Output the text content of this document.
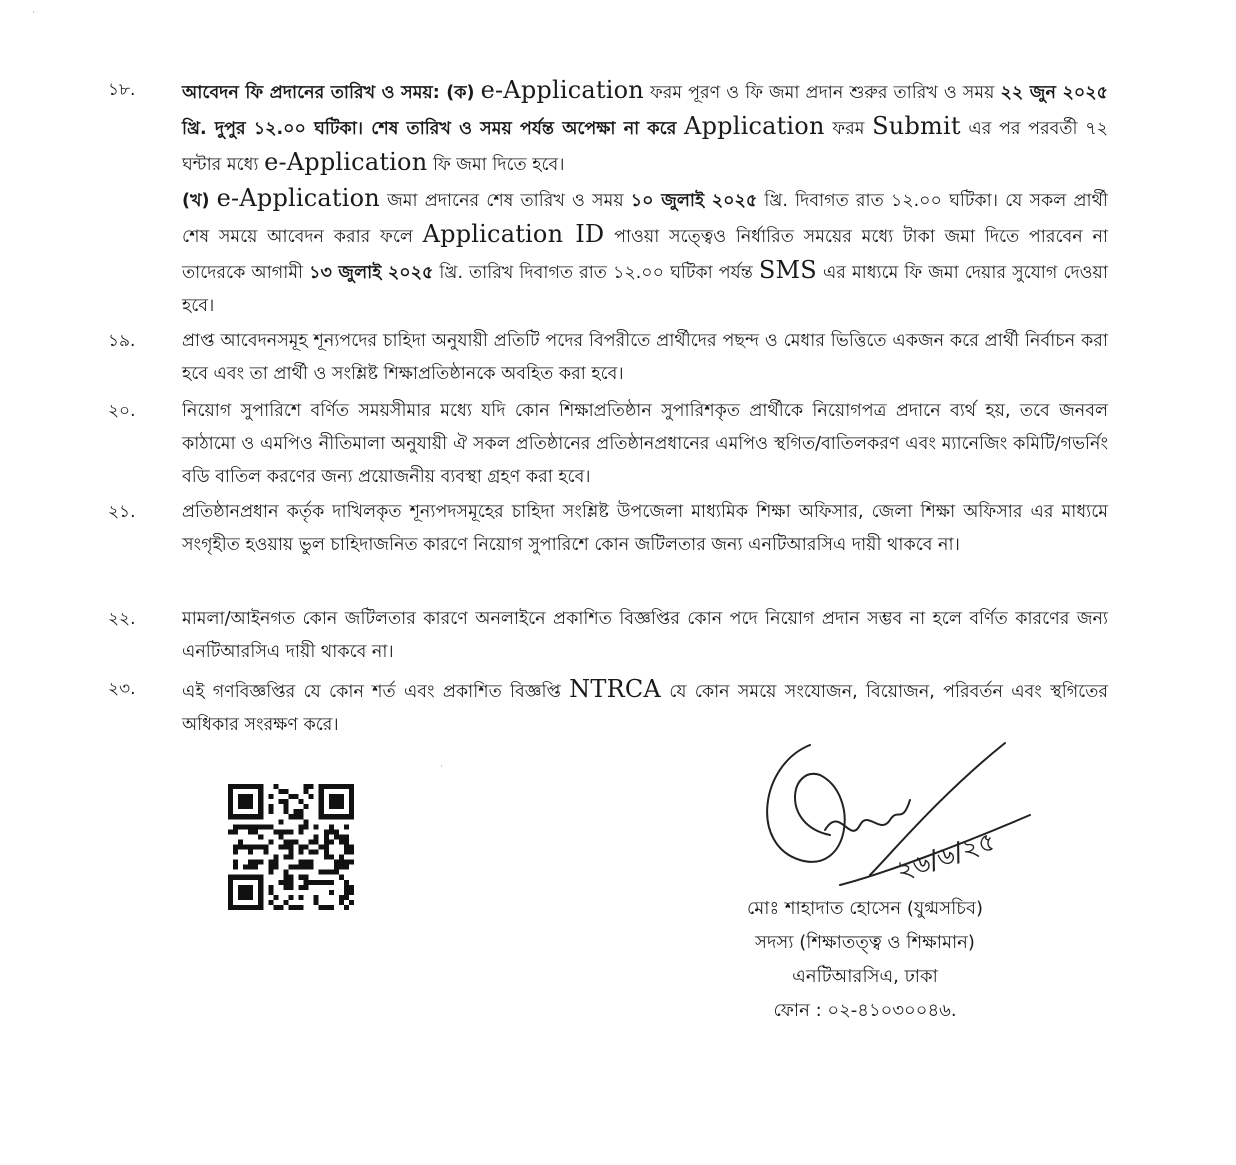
১৮.	আবেদন ফি প্রদানের তারিখ ও সময়: (ক) e-Application ফরম পূরণ ও ফি জমা প্রদান শুরুর তারিখ ও সময় ২২ জুন ২০২৫ খ্রি. দুপুর ১২.০০ ঘটিকা। শেষ তারিখ ও সময় পর্যন্ত অপেক্ষা না করে Application ফরম Submit এর পর পরবর্তী ৭২ ঘন্টার মধ্যে e-Application ফি জমা দিতে হবে।

(খ) e-Application জমা প্রদানের শেষ তারিখ ও সময় ১০ জুলাই ২০২৫ খ্রি. দিবাগত রাত ১২.০০ ঘটিকা। যে সকল প্রার্থী শেষ সময়ে আবেদন করার ফলে Application ID পাওয়া সত্ত্বেও নির্ধারিত সময়ের মধ্যে টাকা জমা দিতে পারবেন না তাদেরকে আগামী ১৩ জুলাই ২০২৫ খ্রি. তারিখ দিবাগত রাত ১২.০০ ঘটিকা পর্যন্ত SMS এর মাধ্যমে ফি জমা দেয়ার সুযোগ দেওয়া হবে।

১৯.	প্রাপ্ত আবেদনসমূহ শূন্যপদের চাহিদা অনুযায়ী প্রতিটি পদের বিপরীতে প্রার্থীদের পছন্দ ও মেধার ভিত্তিতে একজন করে প্রার্থী নির্বাচন করা হবে এবং তা প্রার্থী ও সংশ্লিষ্ট শিক্ষাপ্রতিষ্ঠানকে অবহিত করা হবে।
২০.	নিয়োগ সুপারিশে বর্ণিত সময়সীমার মধ্যে যদি কোন শিক্ষাপ্রতিষ্ঠান সুপারিশকৃত প্রার্থীকে নিয়োগপত্র প্রদানে ব্যর্থ হয়, তবে জনবল কাঠামো ও এমপিও নীতিমালা অনুযায়ী ঐ সকল প্রতিষ্ঠানের প্রতিষ্ঠানপ্রধানের এমপিও স্থগিত/বাতিলকরণ এবং ম্যানেজিং কমিটি/গভর্নিং বডি বাতিল করণের জন্য প্রয়োজনীয় ব্যবস্থা গ্রহণ করা হবে।
২১.	প্রতিষ্ঠানপ্রধান কর্তৃক দাখিলকৃত শূন্যপদসমূহের চাহিদা সংশ্লিষ্ট উপজেলা মাধ্যমিক শিক্ষা অফিসার, জেলা শিক্ষা অফিসার এর মাধ্যমে সংগৃহীত হওয়ায় ভুল চাহিদাজনিত কারণে নিয়োগ সুপারিশে কোন জটিলতার জন্য এনটিআরসিএ দায়ী থাকবে না।
২২.	মামলা/আইনগত কোন জটিলতার কারণে অনলাইনে প্রকাশিত বিজ্ঞপ্তির কোন পদে নিয়োগ প্রদান সম্ভব না হলে বর্ণিত কারণের জন্য এনটিআরসিএ দায়ী থাকবে না।
২৩.	এই গণবিজ্ঞপ্তির যে কোন শর্ত এবং প্রকাশিত বিজ্ঞপ্তি NTRCA যে কোন সময়ে সংযোজন, বিয়োজন, পরিবর্তন এবং স্থগিতের অধিকার সংরক্ষণ করে।
২৬/৬/২৫
মোঃ শাহাদাত হোসেন (যুগ্মসচিব)
সদস্য (শিক্ষাতত্ত্ব ও শিক্ষামান)
এনটিআরসিএ, ঢাকা
ফোন : ০২-৪১০৩০০৪৬.
·
·
